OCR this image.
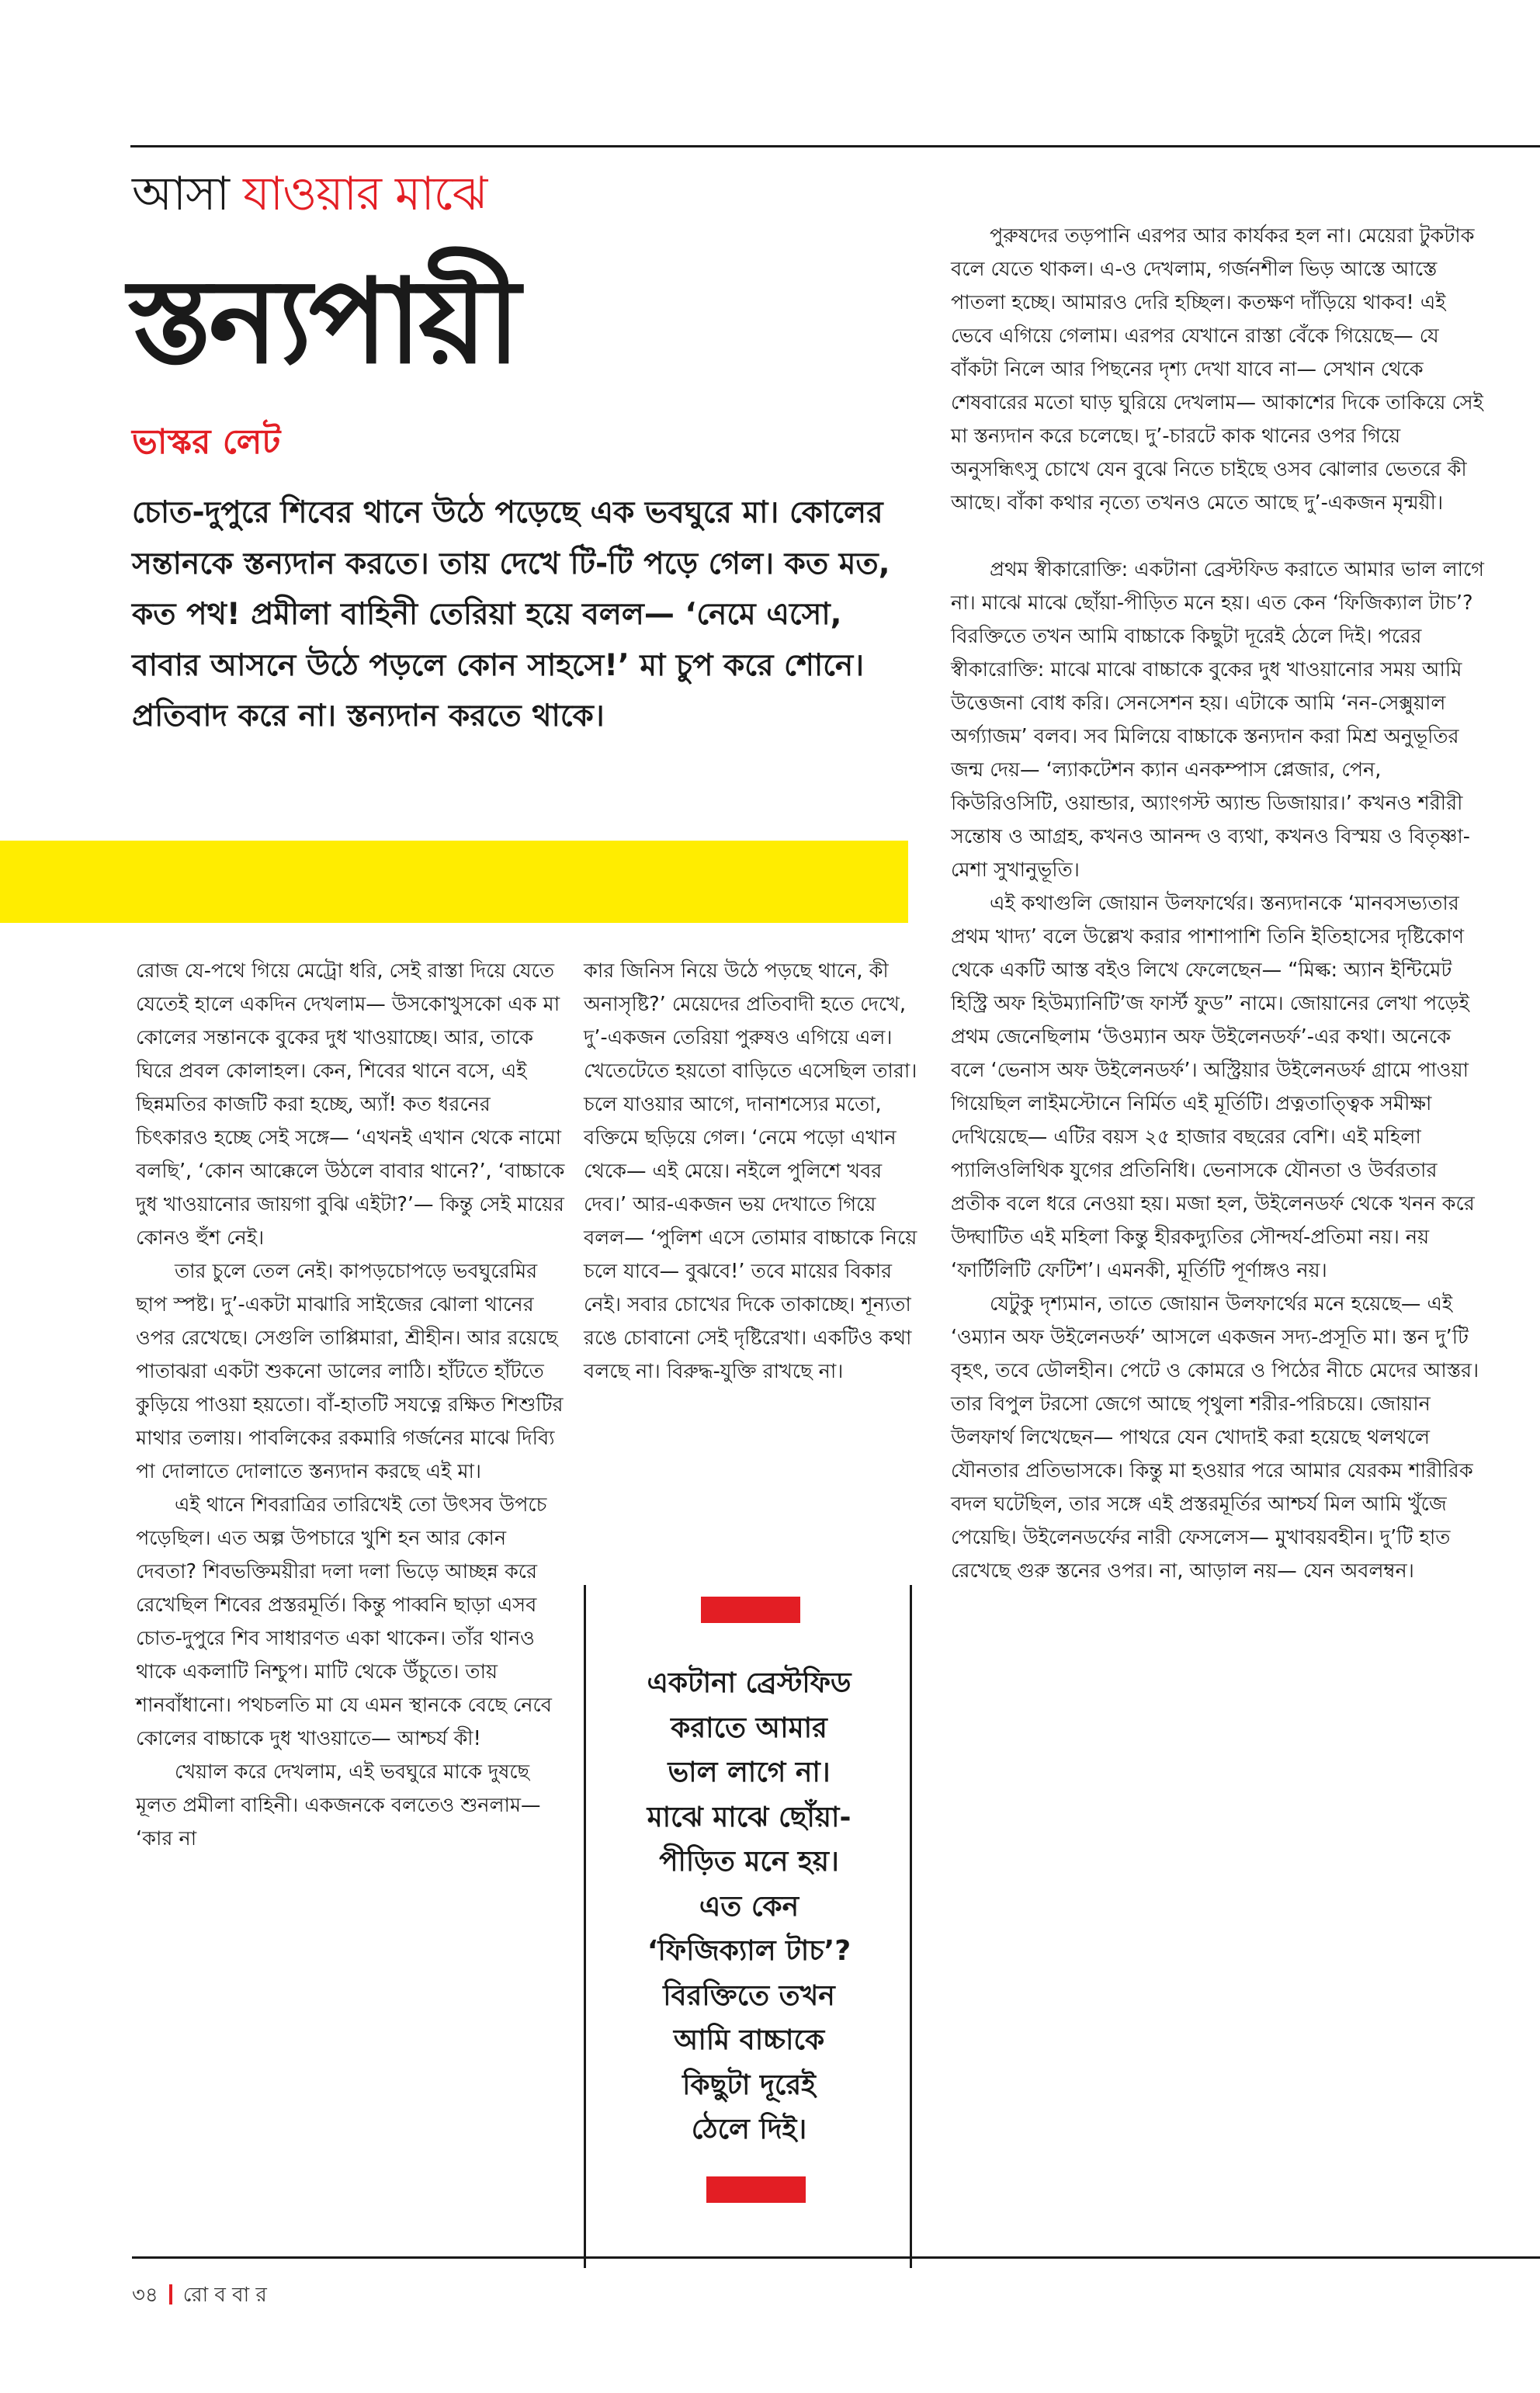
আসা যাওয়ার মাঝে
স্তন্যপায়ী
ভাস্কর লেট
চোত-দুপুরে শিবের থানে উঠে পড়েছে এক ভবঘুরে মা। কোলের সন্তানকে স্তন্যদান করতে। তায় দেখে টি-টি পড়ে গেল। কত মত, কত পথ! প্রমীলা বাহিনী তেরিয়া হয়ে বলল— ‘নেমে এসো, বাবার আসনে উঠে পড়লে কোন সাহসে!’ মা চুপ করে শোনে। প্রতিবাদ করে না। স্তন্যদান করতে থাকে।

রোজ যে-পথে গিয়ে মেট্রো ধরি, সেই রাস্তা দিয়ে যেতে যেতেই হালে একদিন দেখলাম— উসকোখুসকো এক মা কোলের সন্তানকে বুকের দুধ খাওয়াচ্ছে। আর, তাকে ঘিরে প্রবল কোলাহল। কেন, শিবের থানে বসে, এই ছিন্নমতির কাজটি করা হচ্ছে, অ্যাঁ! কত ধরনের চিৎকারও হচ্ছে সেই সঙ্গে— ‘এখনই এখান থেকে নামো বলছি’, ‘কোন আক্কেলে উঠলে বাবার থানে?’, ‘বাচ্চাকে দুধ খাওয়ানোর জায়গা বুঝি এইটা?’— কিন্তু সেই মায়ের কোনও হুঁশ নেই।

তার চুলে তেল নেই। কাপড়চোপড়ে ভবঘুরেমির ছাপ স্পষ্ট। দু’-একটা মাঝারি সাইজের ঝোলা থানের ওপর রেখেছে। সেগুলি তাপ্পিমারা, শ্রীহীন। আর রয়েছে পাতাঝরা একটা শুকনো ডালের লাঠি। হাঁটতে হাঁটতে কুড়িয়ে পাওয়া হয়তো। বাঁ-হাতটি সযত্নে রক্ষিত শিশুটির মাথার তলায়। পাবলিকের রকমারি গর্জনের মাঝে দিব্যি পা দোলাতে দোলাতে স্তন্যদান করছে এই মা।

এই থানে শিবরাত্রির তারিখেই তো উৎসব উপচে পড়েছিল। এত অল্প উপচারে খুশি হন আর কোন দেবতা? শিবভক্তিময়ীরা দলা দলা ভিড়ে আচ্ছন্ন করে রেখেছিল শিবের প্রস্তরমূর্তি। কিন্তু পাব্বনি ছাড়া এসব চোত-দুপুরে শিব সাধারণত একা থাকেন। তাঁর থানও থাকে একলাটি নিশ্চুপ। মাটি থেকে উঁচুতে। তায় শানবাঁধানো। পথচলতি মা যে এমন স্থানকে বেছে নেবে কোলের বাচ্চাকে দুধ খাওয়াতে— আশ্চর্য কী!

খেয়াল করে দেখলাম, এই ভবঘুরে মাকে দুষছে মূলত প্রমীলা বাহিনী। একজনকে বলতেও শুনলাম— ‘কার না

কার জিনিস নিয়ে উঠে পড়ছে থানে, কী অনাসৃষ্টি?’ মেয়েদের প্রতিবাদী হতে দেখে, দু’-একজন তেরিয়া পুরুষও এগিয়ে এল। খেতেটেতে হয়তো বাড়িতে এসেছিল তারা। চলে যাওয়ার আগে, দানাশস্যের মতো, বক্তিমে ছড়িয়ে গেল। ‘নেমে পড়ো এখান থেকে— এই মেয়ে। নইলে পুলিশে খবর দেব।’ আর-একজন ভয় দেখাতে গিয়ে বলল— ‘পুলিশ এসে তোমার বাচ্চাকে নিয়ে চলে যাবে— বুঝবে!’ তবে মায়ের বিকার নেই। সবার চোখের দিকে তাকাচ্ছে। শূন্যতা রঙে চোবানো সেই দৃষ্টিরেখা। একটিও কথা বলছে না। বিরুদ্ধ-যুক্তি রাখছে না।

পুরুষদের তড়পানি এরপর আর কার্যকর হল না। মেয়েরা টুকটাক বলে যেতে থাকল। এ-ও দেখলাম, গর্জনশীল ভিড় আস্তে আস্তে পাতলা হচ্ছে। আমারও দেরি হচ্ছিল। কতক্ষণ দাঁড়িয়ে থাকব! এই ভেবে এগিয়ে গেলাম। এরপর যেখানে রাস্তা বেঁকে গিয়েছে— যে বাঁকটা নিলে আর পিছনের দৃশ্য দেখা যাবে না— সেখান থেকে শেষবারের মতো ঘাড় ঘুরিয়ে দেখলাম— আকাশের দিকে তাকিয়ে সেই মা স্তন্যদান করে চলেছে। দু’-চারটে কাক থানের ওপর গিয়ে অনুসন্ধিৎসু চোখে যেন বুঝে নিতে চাইছে ওসব ঝোলার ভেতরে কী আছে। বাঁকা কথার নৃত্যে তখনও মেতে আছে দু’-একজন মৃন্ময়ী।

প্রথম স্বীকারোক্তি: একটানা ব্রেস্টফিড করাতে আমার ভাল লাগে না। মাঝে মাঝে ছোঁয়া-পীড়িত মনে হয়। এত কেন ‘ফিজিক্যাল টাচ’? বিরক্তিতে তখন আমি বাচ্চাকে কিছুটা দূরেই ঠেলে দিই। পরের স্বীকারোক্তি: মাঝে মাঝে বাচ্চাকে বুকের দুধ খাওয়ানোর সময় আমি উত্তেজনা বোধ করি। সেনসেশন হয়। এটাকে আমি ‘নন-সেক্সুয়াল অর্গ্যাজম’ বলব। সব মিলিয়ে বাচ্চাকে স্তন্যদান করা মিশ্র অনুভূতির জন্ম দেয়— ‘ল্যাকটেশন ক্যান এনকম্পাস প্লেজার, পেন, কিউরিওসিটি, ওয়ান্ডার, অ্যাংগস্ট অ্যান্ড ডিজায়ার।’ কখনও শরীরী সন্তোষ ও আগ্রহ, কখনও আনন্দ ও ব্যথা, কখনও বিস্ময় ও বিতৃষ্ণা-মেশা সুখানুভূতি।

এই কথাগুলি জোয়ান উলফার্থের। স্তন্যদানকে ‘মানবসভ্যতার প্রথম খাদ্য’ বলে উল্লেখ করার পাশাপাশি তিনি ইতিহাসের দৃষ্টিকোণ থেকে একটি আস্ত বইও লিখে ফেলেছেন— “মিল্ক: অ্যান ইন্টিমেট হিস্ট্রি অফ হিউম্যানিটি’জ ফার্স্ট ফুড” নামে। জোয়ানের লেখা পড়েই প্রথম জেনেছিলাম ‘উওম্যান অফ উইলেনডর্ফ’-এর কথা। অনেকে বলে ‘ভেনাস অফ উইলেনডর্ফ’। অস্ট্রিয়ার উইলেনডর্ফ গ্রামে পাওয়া গিয়েছিল লাইমস্টোনে নির্মিত এই মূর্তিটি। প্রত্নতাত্ত্বিক সমীক্ষা দেখিয়েছে— এটির বয়স ২৫ হাজার বছরের বেশি। এই মহিলা প্যালিওলিথিক যুগের প্রতিনিধি। ভেনাসকে যৌনতা ও উর্বরতার প্রতীক বলে ধরে নেওয়া হয়। মজা হল, উইলেনডর্ফ থেকে খনন করে উদ্ঘাটিত এই মহিলা কিন্তু হীরকদ্যুতির সৌন্দর্য-প্রতিমা নয়। নয় ‘ফার্টিলিটি ফেটিশ’। এমনকী, মূর্তিটি পূর্ণাঙ্গও নয়।

যেটুকু দৃশ্যমান, তাতে জোয়ান উলফার্থের মনে হয়েছে— এই ‘ওম্যান অফ উইলেনডর্ফ’ আসলে একজন সদ্য-প্রসূতি মা। স্তন দু’টি বৃহৎ, তবে ডৌলহীন। পেটে ও কোমরে ও পিঠের নীচে মেদের আস্তর। তার বিপুল টরসো জেগে আছে পৃথুলা শরীর-পরিচয়ে। জোয়ান উলফার্থ লিখেছেন— পাথরে যেন খোদাই করা হয়েছে থলথলে যৌনতার প্রতিভাসকে। কিন্তু মা হওয়ার পরে আমার যেরকম শারীরিক বদল ঘটেছিল, তার সঙ্গে এই প্রস্তরমূর্তির আশ্চর্য মিল আমি খুঁজে পেয়েছি। উইলেনডর্ফের নারী ফেসলেস— মুখাবয়বহীন। দু’টি হাত রেখেছে গুরু স্তনের ওপর। না, আড়াল নয়— যেন অবলম্বন।

একটানা ব্রেস্টফিড
করাতে আমার
ভাল লাগে না।
মাঝে মাঝে ছোঁয়া-
পীড়িত মনে হয়।
এত কেন
‘ফিজিক্যাল টাচ’?
বিরক্তিতে তখন
আমি বাচ্চাকে
কিছুটা দূরেই
ঠেলে দিই।
৩৪ রো ব বা র
